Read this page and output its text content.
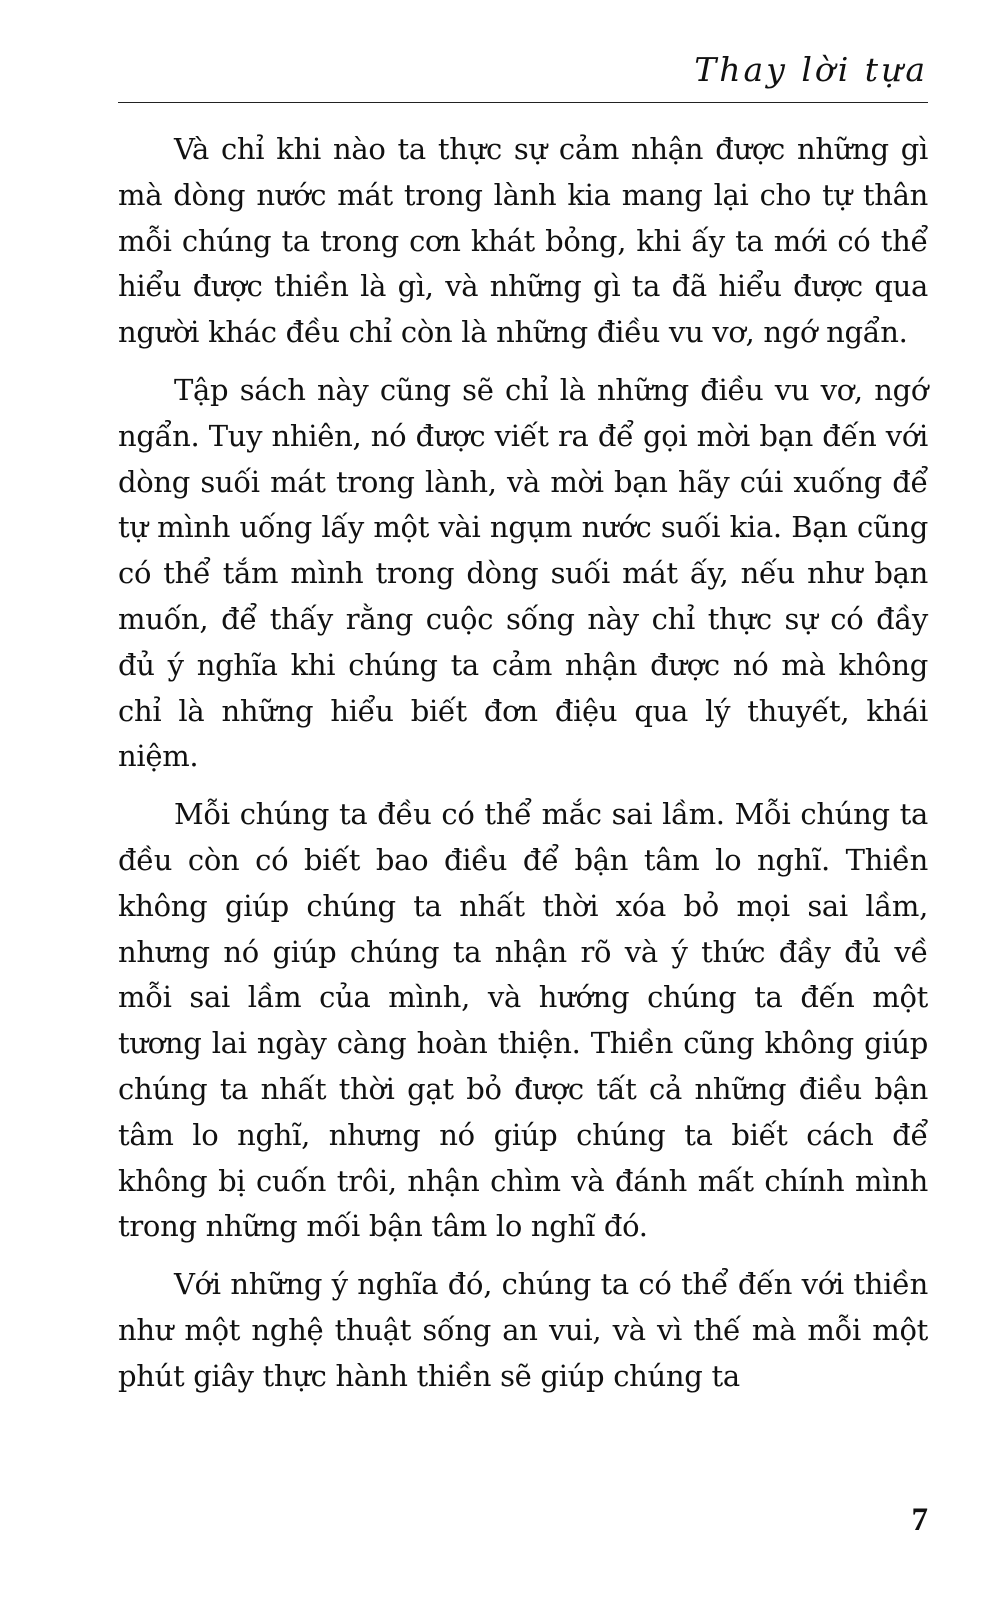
Thay lời tựa

Và chỉ khi nào ta thực sự cảm nhận được những gì mà dòng nước mát trong lành kia mang lại cho tự thân mỗi chúng ta trong cơn khát bỏng, khi ấy ta mới có thể hiểu được thiền là gì, và những gì ta đã hiểu được qua người khác đều chỉ còn là những điều vu vơ, ngớ ngẩn.

Tập sách này cũng sẽ chỉ là những điều vu vơ, ngớ ngẩn. Tuy nhiên, nó được viết ra để gọi mời bạn đến với dòng suối mát trong lành, và mời bạn hãy cúi xuống để tự mình uống lấy một vài ngụm nước suối kia. Bạn cũng có thể tắm mình trong dòng suối mát ấy, nếu như bạn muốn, để thấy rằng cuộc sống này chỉ thực sự có đầy đủ ý nghĩa khi chúng ta cảm nhận được nó mà không chỉ là những hiểu biết đơn điệu qua lý thuyết, khái niệm.

Mỗi chúng ta đều có thể mắc sai lầm. Mỗi chúng ta đều còn có biết bao điều để bận tâm lo nghĩ. Thiền không giúp chúng ta nhất thời xóa bỏ mọi sai lầm, nhưng nó giúp chúng ta nhận rõ và ý thức đầy đủ về mỗi sai lầm của mình, và hướng chúng ta đến một tương lai ngày càng hoàn thiện. Thiền cũng không giúp chúng ta nhất thời gạt bỏ được tất cả những điều bận tâm lo nghĩ, nhưng nó giúp chúng ta biết cách để không bị cuốn trôi, nhận chìm và đánh mất chính mình trong những mối bận tâm lo nghĩ đó.

Với những ý nghĩa đó, chúng ta có thể đến với thiền như một nghệ thuật sống an vui, và vì thế mà mỗi một phút giây thực hành thiền sẽ giúp chúng ta

7
